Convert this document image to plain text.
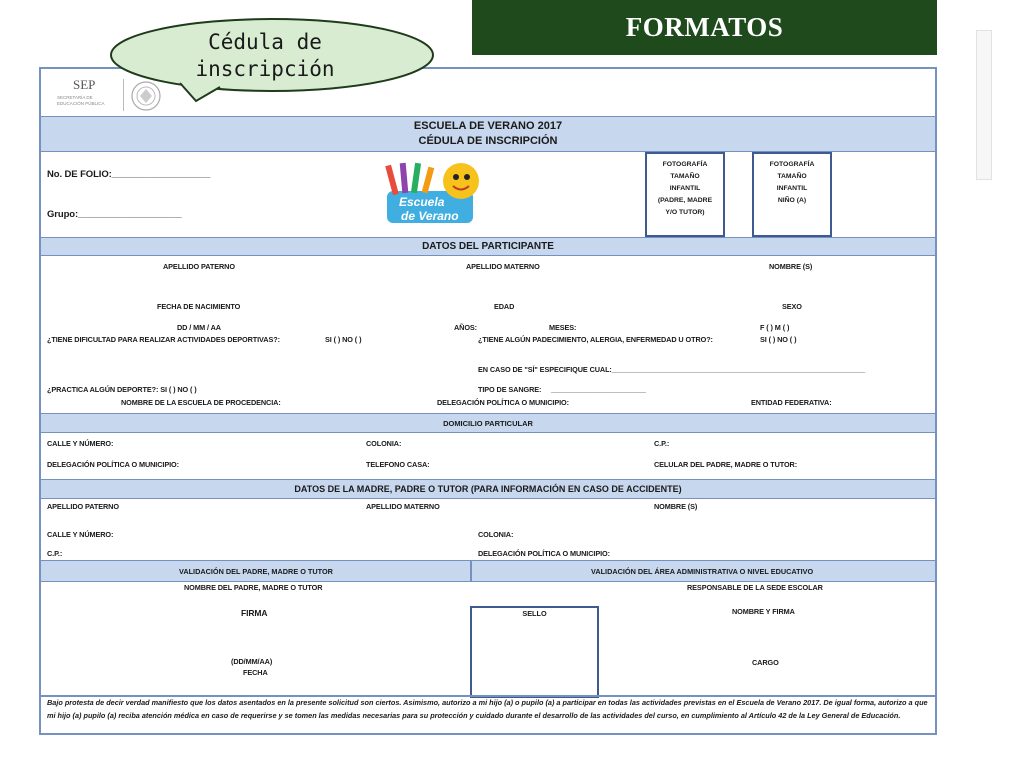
FORMATOS
SEP
SECRETARÍA DE EDUCACIÓN PÚBLICA
ESCUELA DE VERANO 2017
CÉDULA DE INSCRIPCIÓN
No. DE FOLIO:___________________
Grupo:____________________
Escuela
de Verano
FOTOGRAFÍA
TAMAÑO
INFANTIL
(PADRE, MADRE
Y/O TUTOR)
FOTOGRAFÍA
TAMAÑO
INFANTIL
NIÑO (A)
DATOS DEL PARTICIPANTE
APELLIDO PATERNO	APELLIDO MATERNO	NOMBRE (S)
FECHA DE NACIMIENTO	EDAD	SEXO
DD / MM / AA	AÑOS:	MESES:	F ( ) M ( )
¿TIENE DIFICULTAD PARA REALIZAR ACTIVIDADES DEPORTIVAS?:	SI ( ) NO ( )	¿TIENE ALGÚN PADECIMIENTO, ALERGIA, ENFERMEDAD U OTRO?:	SI ( ) NO ( )
EN CASO DE "SÍ" ESPECIFIQUE CUAL:________________________________________________________________
¿PRACTICA ALGÚN DEPORTE?: SI ( ) NO ( )	TIPO DE SANGRE: ________________________
NOMBRE DE LA ESCUELA DE PROCEDENCIA:	DELEGACIÓN POLÍTICA O MUNICIPIO:	ENTIDAD FEDERATIVA:
DOMICILIO PARTICULAR
CALLE Y NÚMERO:	COLONIA:	C.P.:
DELEGACIÓN POLÍTICA O MUNICIPIO:	TELEFONO CASA:	CELULAR DEL PADRE, MADRE O TUTOR:
DATOS DE LA MADRE, PADRE O TUTOR (PARA INFORMACIÓN EN CASO DE ACCIDENTE)
APELLIDO PATERNO	APELLIDO MATERNO	NOMBRE (S)
CALLE Y NÚMERO:	COLONIA:
C.P.:	DELEGACIÓN POLÍTICA O MUNICIPIO:
VALIDACIÓN DEL PADRE, MADRE O TUTOR	VALIDACIÓN DEL ÁREA ADMINISTRATIVA O NIVEL EDUCATIVO
NOMBRE DEL PADRE, MADRE O TUTOR	RESPONSABLE DE LA SEDE ESCOLAR
SELLO
FIRMA	NOMBRE Y FIRMA
(DD/MM/AA)
FECHA
CARGO
Bajo protesta de decir verdad manifiesto que los datos asentados en la presente solicitud son ciertos. Asimismo, autorizo a mi hijo (a) o pupilo (a) a participar en todas las actividades previstas en el Escuela de Verano 2017. De igual forma, autorizo a que mi hijo (a) pupilo (a) reciba atención médica en caso de requerirse y se tomen las medidas necesarias para su protección y cuidado durante el desarrollo de las actividades del curso, en cumplimiento al Artículo 42 de la Ley General de Educación.
Cédula de
inscripción
